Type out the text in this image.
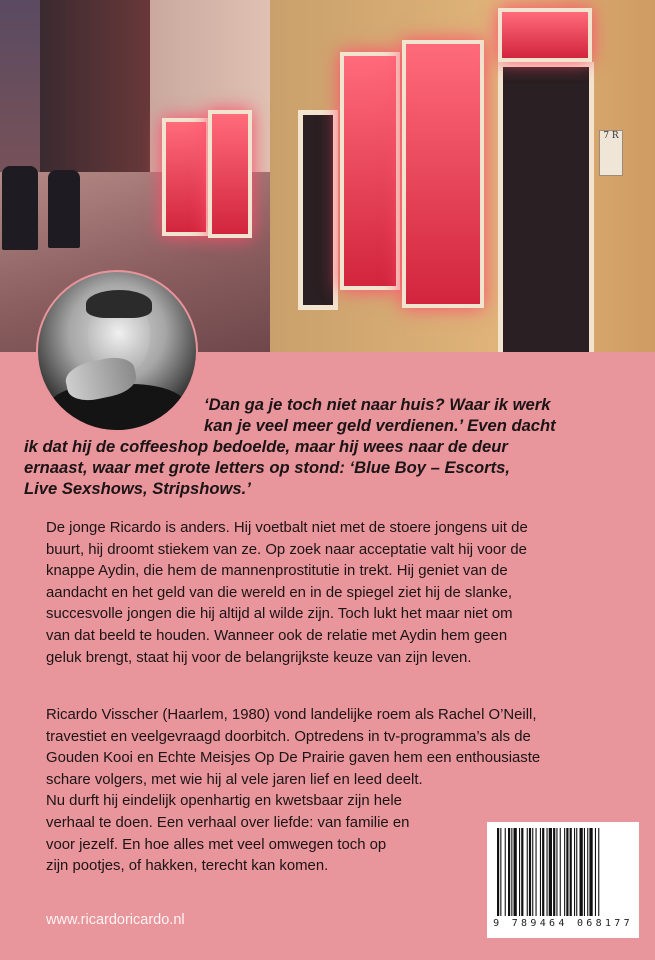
7 R

‘Dan ga je toch niet naar huis? Waar ik werk
kan je veel meer geld verdienen.’ Even dacht
ik dat hij de coffeeshop bedoelde, maar hij wees naar de deur
ernaast, waar met grote letters op stond: ‘Blue Boy – Escorts,
Live Sexshows, Stripshows.’

De jonge Ricardo is anders. Hij voetbalt niet met de stoere jongens uit de
buurt, hij droomt stiekem van ze. Op zoek naar acceptatie valt hij voor de
knappe Aydin, die hem de mannenprostitutie in trekt. Hij geniet van de
aandacht en het geld van die wereld en in de spiegel ziet hij de slanke,
succesvolle jongen die hij altijd al wilde zijn. Toch lukt het maar niet om
van dat beeld te houden. Wanneer ook de relatie met Aydin hem geen
geluk brengt, staat hij voor de belangrijkste keuze van zijn leven.

Ricardo Visscher (Haarlem, 1980) vond landelijke roem als Rachel O’Neill,
travestiet en veelgevraagd doorbitch. Optredens in tv-programma’s als de
Gouden Kooi en Echte Meisjes Op De Prairie gaven hem een enthousiaste
schare volgers, met wie hij al vele jaren lief en leed deelt.
Nu durft hij eindelijk openhartig en kwetsbaar zijn hele
verhaal te doen. Een verhaal over liefde: van familie en
voor jezelf. En hoe alles met veel omwegen toch op
zijn pootjes, of hakken, terecht kan komen.

9 789464 068177
www.ricardoricardo.nl
